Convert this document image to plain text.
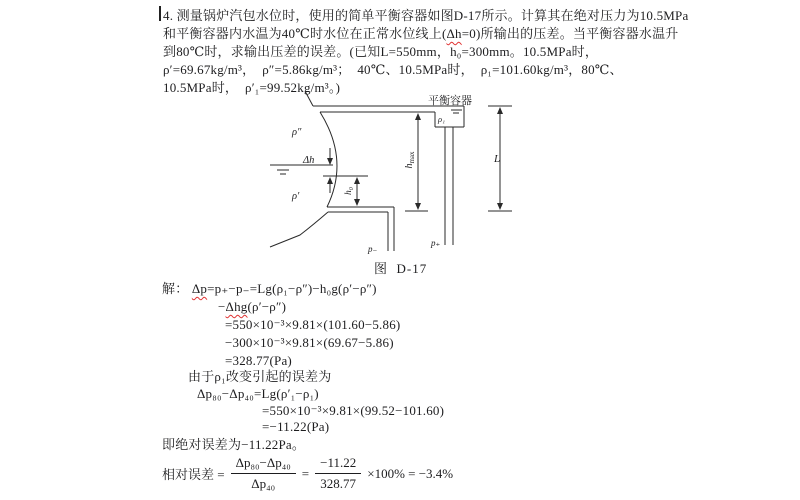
4. 测量锅炉汽包水位时，使用的简单平衡容器如图D-17所示。计算其在绝对压力为10.5MPa
和平衡容器内水温为40℃时水位在正常水位线上(Δh=0)所输出的压差。当平衡容器水温升
到80℃时，求输出压差的误差。(已知L=550mm，h₀=300mm。10.5MPa时，
ρ′=69.67kg/m³，  ρ″=5.86kg/m³；  40℃、10.5MPa时，  ρ₁=101.60kg/m³，80℃、
10.5MPa时，  ρ′₁=99.52kg/m³。)
平衡容器
ρ₁
Δh
h₀
$h_{max}$	L
ρ″
ρ′
p₋
p₊
图  D-17
解： Δp=p₊−p₋=Lg(ρ₁−ρ″)−h₀g(ρ′−ρ″)
−Δhg(ρ′−ρ″)
=550×10⁻³×9.81×(101.60−5.86)
−300×10⁻³×9.81×(69.67−5.86)
=328.77(Pa)
由于ρ₁改变引起的误差为
Δp₈₀−Δp₄₀=Lg(ρ′₁−ρ₁)
=550×10⁻³×9.81×(99.52−101.60)
=−11.22(Pa)
即绝对误差为−11.22Pa。
相对误差 = $\frac{\text{Δp₈₀−Δp₄₀}}{\text{Δp₄₀}} = \frac{-11.22}{328.77} \times 100\% = -3.4\%$
